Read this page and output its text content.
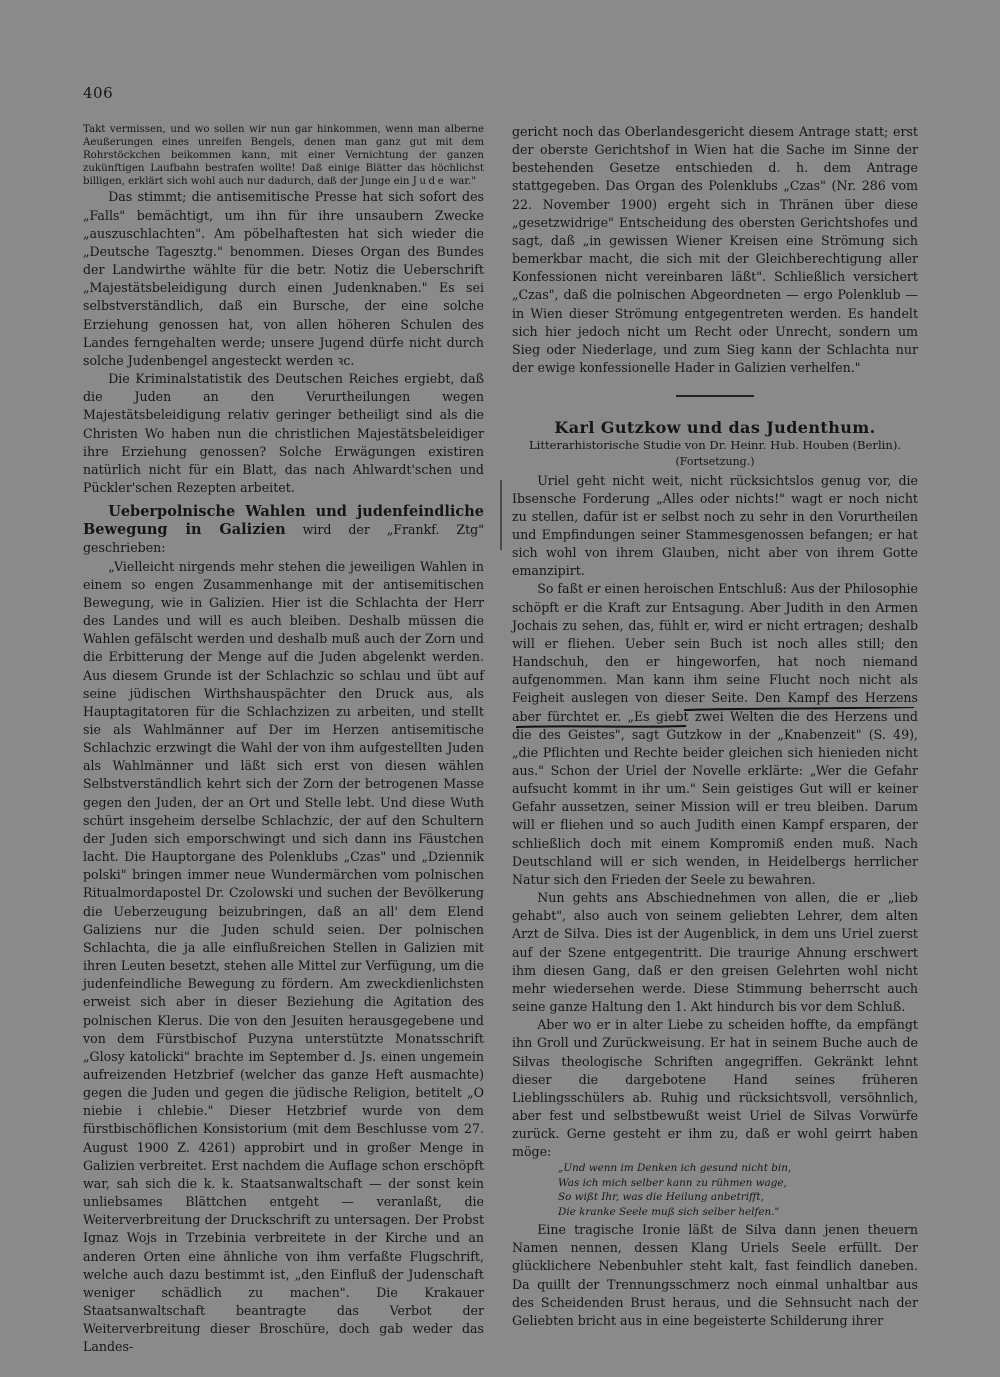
406

Takt vermissen, und wo sollen wir nun gar hinkommen, wenn man alberne Aeußerungen eines unreifen Bengels, denen man ganz gut mit dem Rohrstöckchen beikommen kann, mit einer Vernichtung der ganzen zukünftigen Laufbahn bestrafen wollte! Daß einige Blätter das höchlichst billigen, erklärt sich wohl auch nur dadurch, daß der Junge ein Jude war."

Das stimmt; die antisemitische Presse hat sich sofort des „Falls" bemächtigt, um ihn für ihre unsaubern Zwecke „auszuschlachten". Am pöbelhaftesten hat sich wieder die „Deutsche Tagesztg." benommen. Dieses Organ des Bundes der Landwirthe wählte für die betr. Notiz die Ueberschrift „Majestätsbeleidigung durch einen Judenknaben." Es sei selbstverständlich, daß ein Bursche, der eine solche Erziehung genossen hat, von allen höheren Schulen des Landes ferngehalten werde; unsere Jugend dürfe nicht durch solche Judenbengel angesteckt werden ꝛc.

Die Kriminalstatistik des Deutschen Reiches ergiebt, daß die Juden an den Verurtheilungen wegen Majestätsbeleidigung relativ geringer betheiligt sind als die Christen Wo haben nun die christlichen Majestätsbeleidiger ihre Erziehung genossen? Solche Erwägungen existiren natürlich nicht für ein Blatt, das nach Ahlwardt'schen und Pückler'schen Rezepten arbeitet.

Ueberpolnische Wahlen und judenfeindliche Bewegung in Galizien wird der „Frankf. Ztg" geschrieben:

„Vielleicht nirgends mehr stehen die jeweiligen Wahlen in einem so engen Zusammenhange mit der antisemitischen Bewegung, wie in Galizien. Hier ist die Schlachta der Herr des Landes und will es auch bleiben. Deshalb müssen die Wahlen gefälscht werden und deshalb muß auch der Zorn und die Erbitterung der Menge auf die Juden abgelenkt werden. Aus diesem Grunde ist der Schlachzic so schlau und übt auf seine jüdischen Wirthshauspächter den Druck aus, als Hauptagitatoren für die Schlachzizen zu arbeiten, und stellt sie als Wahlmänner auf Der im Herzen antisemitische Schlachzic erzwingt die Wahl der von ihm aufgestellten Juden als Wahlmänner und läßt sich erst von diesen wählen Selbstverständlich kehrt sich der Zorn der betrogenen Masse gegen den Juden, der an Ort und Stelle lebt. Und diese Wuth schürt insgeheim derselbe Schlachzic, der auf den Schultern der Juden sich emporschwingt und sich dann ins Fäustchen lacht. Die Hauptorgane des Polenklubs „Czas" und „Dziennik polski" bringen immer neue Wundermärchen vom polnischen Ritualmordapostel Dr. Czolowski und suchen der Bevölkerung die Ueberzeugung beizubringen, daß an all' dem Elend Galiziens nur die Juden schuld seien. Der polnischen Schlachta, die ja alle einflußreichen Stellen in Galizien mit ihren Leuten besetzt, stehen alle Mittel zur Verfügung, um die judenfeindliche Bewegung zu fördern. Am zweckdienlichsten erweist sich aber in dieser Beziehung die Agitation des polnischen Klerus. Die von den Jesuiten herausgegebene und von dem Fürstbischof Puzyna unterstützte Monatsschrift „Glosy katolicki" brachte im September d. Js. einen ungemein aufreizenden Hetzbrief (welcher das ganze Heft ausmachte) gegen die Juden und gegen die jüdische Religion, betitelt „O niebie i chlebie." Dieser Hetzbrief wurde von dem fürstbischöflichen Konsistorium (mit dem Beschlusse vom 27. August 1900 Z. 4261) approbirt und in großer Menge in Galizien verbreitet. Erst nachdem die Auflage schon erschöpft war, sah sich die k. k. Staatsanwaltschaft — der sonst kein unliebsames Blättchen entgeht — veranlaßt, die Weiterverbreitung der Druckschrift zu untersagen. Der Probst Ignaz Wojs in Trzebinia verbreitete in der Kirche und an anderen Orten eine ähnliche von ihm verfaßte Flugschrift, welche auch dazu bestimmt ist, „den Einfluß der Judenschaft weniger schädlich zu machen". Die Krakauer Staatsanwaltschaft beantragte das Verbot der Weiterverbreitung dieser Broschüre, doch gab weder das Landes-

gericht noch das Oberlandesgericht diesem Antrage statt; erst der oberste Gerichtshof in Wien hat die Sache im Sinne der bestehenden Gesetze entschieden d. h. dem Antrage stattgegeben. Das Organ des Polenklubs „Czas" (Nr. 286 vom 22. November 1900) ergeht sich in Thränen über diese „gesetzwidrige" Entscheidung des obersten Gerichtshofes und sagt, daß „in gewissen Wiener Kreisen eine Strömung sich bemerkbar macht, die sich mit der Gleichberechtigung aller Konfessionen nicht vereinbaren läßt". Schließlich versichert „Czas", daß die polnischen Abgeordneten — ergo Polenklub — in Wien dieser Strömung entgegentreten werden. Es handelt sich hier jedoch nicht um Recht oder Unrecht, sondern um Sieg oder Niederlage, und zum Sieg kann der Schlachta nur der ewige konfessionelle Hader in Galizien verhelfen."

Karl Gutzkow und das Judenthum.

Litterarhistorische Studie von Dr. Heinr. Hub. Houben (Berlin).

(Fortsetzung.)

Uriel geht nicht weit, nicht rücksichtslos genug vor, die Ibsensche Forderung „Alles oder nichts!" wagt er noch nicht zu stellen, dafür ist er selbst noch zu sehr in den Vorurtheilen und Empfindungen seiner Stammesgenossen befangen; er hat sich wohl von ihrem Glauben, nicht aber von ihrem Gotte emanzipirt.

So faßt er einen heroischen Entschluß: Aus der Philosophie schöpft er die Kraft zur Entsagung. Aber Judith in den Armen Jochais zu sehen, das, fühlt er, wird er nicht ertragen; deshalb will er fliehen. Ueber sein Buch ist noch alles still; den Handschuh, den er hingeworfen, hat noch niemand aufgenommen. Man kann ihm seine Flucht noch nicht als Feigheit auslegen von dieser Seite. Den Kampf des Herzens aber fürchtet er. „Es giebt zwei Welten die des Herzens und die des Geistes", sagt Gutzkow in der „Knabenzeit" (S. 49), „die Pflichten und Rechte beider gleichen sich hienieden nicht aus." Schon der Uriel der Novelle erklärte: „Wer die Gefahr aufsucht kommt in ihr um." Sein geistiges Gut will er keiner Gefahr aussetzen, seiner Mission will er treu bleiben. Darum will er fliehen und so auch Judith einen Kampf ersparen, der schließlich doch mit einem Kompromiß enden muß. Nach Deutschland will er sich wenden, in Heidelbergs herrlicher Natur sich den Frieden der Seele zu bewahren.

Nun gehts ans Abschiednehmen von allen, die er „lieb gehabt", also auch von seinem geliebten Lehrer, dem alten Arzt de Silva. Dies ist der Augenblick, in dem uns Uriel zuerst auf der Szene entgegentritt. Die traurige Ahnung erschwert ihm diesen Gang, daß er den greisen Gelehrten wohl nicht mehr wiedersehen werde. Diese Stimmung beherrscht auch seine ganze Haltung den 1. Akt hindurch bis vor dem Schluß.

Aber wo er in alter Liebe zu scheiden hoffte, da empfängt ihn Groll und Zurückweisung. Er hat in seinem Buche auch de Silvas theologische Schriften angegriffen. Gekränkt lehnt dieser die dargebotene Hand seines früheren Lieblingsschülers ab. Ruhig und rücksichtsvoll, versöhnlich, aber fest und selbstbewußt weist Uriel de Silvas Vorwürfe zurück. Gerne gesteht er ihm zu, daß er wohl geirrt haben möge:

„Und wenn im Denken ich gesund nicht bin,
Was ich mich selber kann zu rühmen wage,
So wißt Ihr, was die Heilung anbetrifft,
Die kranke Seele muß sich selber helfen."

Eine tragische Ironie läßt de Silva dann jenen theuern Namen nennen, dessen Klang Uriels Seele erfüllt. Der glücklichere Nebenbuhler steht kalt, fast feindlich daneben. Da quillt der Trennungsschmerz noch einmal unhaltbar aus des Scheidenden Brust heraus, und die Sehnsucht nach der Geliebten bricht aus in eine begeisterte Schilderung ihrer
